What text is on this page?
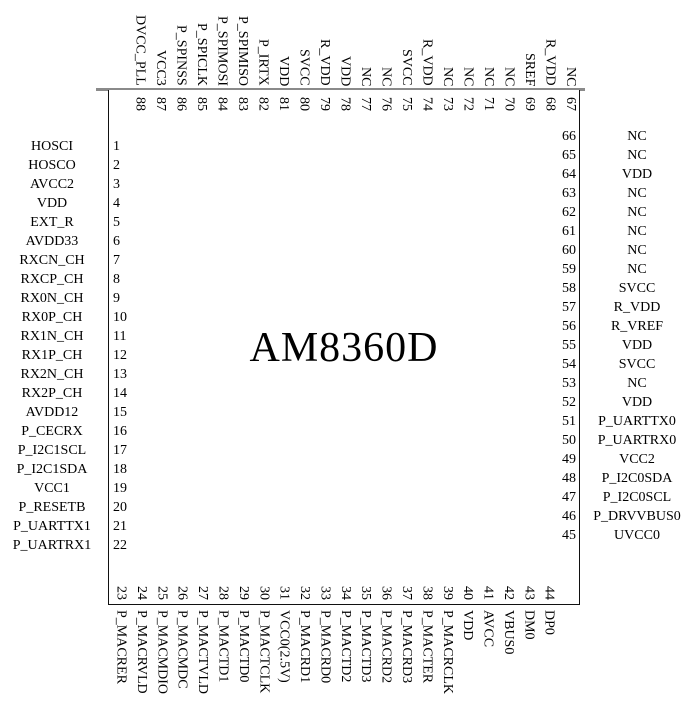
AM8360D
DVCC_PLL VCC3 P_SPINSS P_SPICLK P_SPIMOSI P_SPIMISO P_IRTX VDD SVCC R_VDD VDD NC NC SVCC R_VDD NC NC NC NC SREF R_VDD NC
88 87 86 85 84 83 82 81 80 79 78 77 76 75 74 73 72 71 70 69 68 67
23 24 25 26 27 28 29 30 31 32 33 34 35 36 37 38 39 40 41 42 43 44
P_MACRER P_MACRVLD P_MACMDIO P_MACMDC P_MACTVLD P_MACTD1 P_MACTD0 P_MACTCLK VCC0(2.5V) P_MACRD1 P_MACRD0 P_MACTD2 P_MACTD3 P_MACRD2 P_MACRD3 P_MACTER P_MACRCLK VDD AVCC VBUS0 DM0 DP0
HOSCI	1
HOSCO	2
AVCC2	3
VDD	4
EXT_R	5
AVDD33	6
RXCN_CH	7
RXCP_CH	8
RX0N_CH	9
RX0P_CH	10
RX1N_CH	11
RX1P_CH	12
RX2N_CH	13
RX2P_CH	14
AVDD12	15
P_CECRX	16
P_I2C1SCL	17
P_I2C1SDA	18
VCC1	19
P_RESETB	20
P_UARTTX1	21
P_UARTRX1	22
66	NC
65	NC
64	VDD
63	NC
62	NC
61	NC
60	NC
59	NC
58	SVCC
57	R_VDD
56	R_VREF
55	VDD
54	SVCC
53	NC
52	VDD
51	P_UARTTX0
50	P_UARTRX0
49	VCC2
48	P_I2C0SDA
47	P_I2C0SCL
46	P_DRVVBUS0
45	UVCC0
